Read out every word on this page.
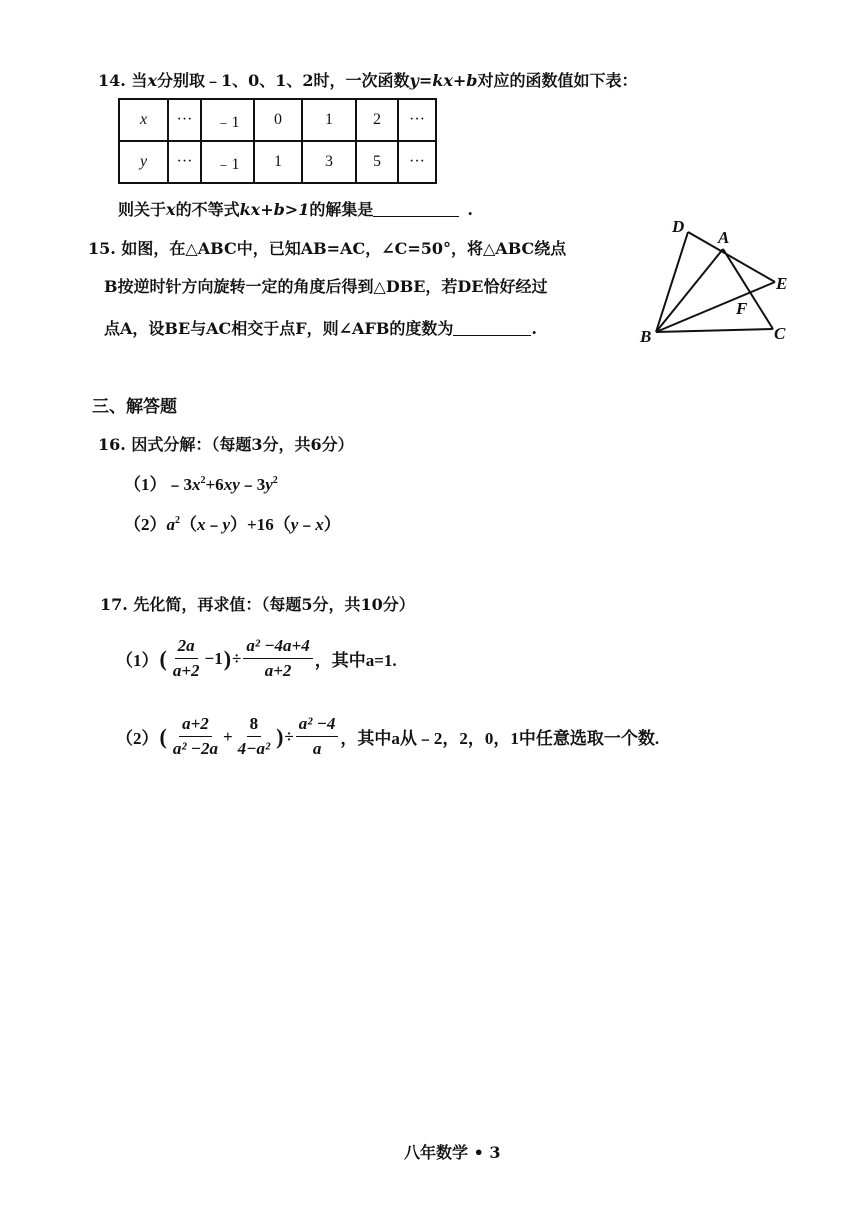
14. 当x分别取﹣1、0、1、2时，一次函数y=kx+b对应的函数值如下表：
x	···	﹣1	0	1	2	···
y	···	﹣1	1	3	5	···
则关于x的不等式kx+b>1的解集是	.
15. 如图，在△ABC中，已知AB=AC，∠C=50°，将△ABC绕点
B按逆时针方向旋转一定的角度后得到△DBE，若DE恰好经过
点A，设BE与AC相交于点F，则∠AFB的度数为	.
D
A
E
F
B	C
三、解答题
16. 因式分解：（每题3分，共6分）
$(1)﹣3x^2+6xy﹣3y^2$
$(2)a^2(x﹣y)+16(y﹣x)$
17. 先化简，再求值：（每题5分，共10分）
（1） ( $\frac{2a}{a+2} -1$ ) ÷ $\frac{\text{a² −4a+4}}{a+2}$ ，其中a=1.
（2） ( $\frac{a+2}{\text{a² −2a}} + \frac{8}{\text{4−a²}}$ ) ÷ $\frac{\text{a² −4}}{a}$ ，其中a从﹣2，2，0，1中任意选取一个数.
八年数学 • 3
